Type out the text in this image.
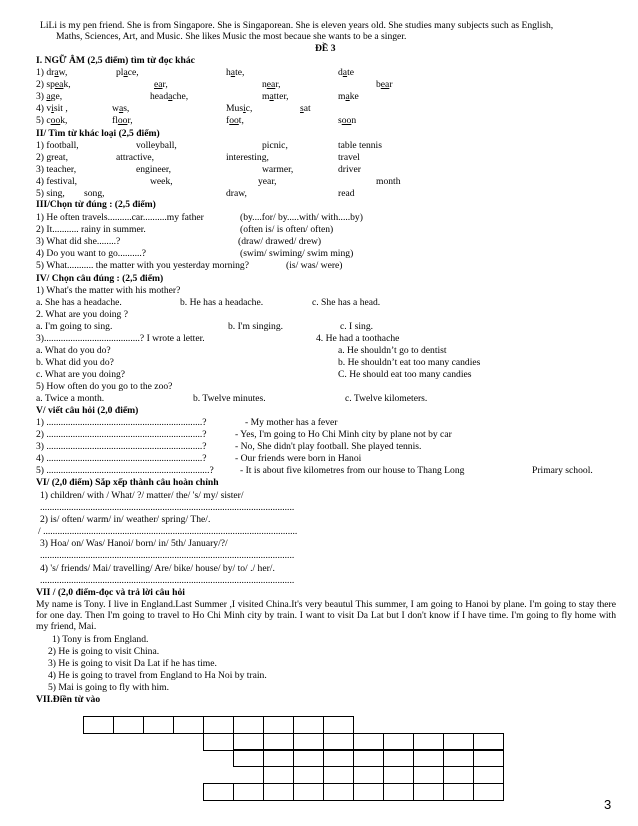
LiLi is my pen friend. She is from Singapore. She is Singaporean. She is eleven years old. She studies many subjects such as English,
Maths, Sciences, Art, and Music. She likes Music the most becaue she wants to be a singer.
ĐỀ 3
I. NGỮ ÂM (2,5 điểm) tìm từ đọc khác
1) draw,	place,	hate,	date
2) speak,	ear,	near,	bear
3) age,	headache,	matter,	make
4) visit ,	was,	Music,	sat
5) cook,	floor,	foot,	soon
II/ Tìm từ khác loại (2,5 điểm)
1) football,	volleyball,	picnic,	table tennis
2) great,	attractive,	interesting,	travel
3) teacher,	engineer,	warmer,	driver
4) festival,	week,	year,	month
5) sing, song,	draw,	read
III/Chọn từ đúng : (2,5 điểm)
1) He often travels..........car..........my father	(by....for/ by.....with/ with.....by)
2) It........... rainy in summer.	(often is/ is often/ often)
3) What did she........?	(draw/ drawed/ drew)
4) Do you want to go..........?	(swim/ swiming/ swim ming)
5) What........... the matter with you yesterday morning?	(is/ was/ were)
IV/ Chọn câu đúng : (2,5 điểm)
1) What's the matter with his mother?
a. She has a headache.	b. He has a headache.	c. She has a head.
2. What are you doing ?
a. I'm going to sing.	b. I'm singing.	c. I sing.
3)........................................? I wrote a letter.	4. He had a toothache
a. What do you do?	a. He shouldn’t go to dentist
b. What did you do?	b. He shouldn’t eat too many candies
c. What are you doing?	C. He should eat too many candies
5) How often do you go to the zoo?
a. Twice a month.	b. Twelve minutes.	c. Twelve kilometers.
V/ viết câu hỏi (2,0 điểm)
1) .................................................................?	- My mother has a fever
2) .................................................................?	- Yes, I'm going to Ho Chi Minh city by plane not by car
3) .................................................................?	- No, She didn't play football. She played tennis.
4) .................................................................?	- Our friends were born in Hanoi
5) ....................................................................?	- It is about five kilometres from our house to Thang Long	Primary school.
VI/ (2,0 điểm) Sắp xếp thành câu hoàn chỉnh
1) children/ with / What/ ?/ matter/ the/ 's/ my/ sister/
..........................................................................................................
2) is/ often/ warm/ in/ weather/ spring/ The/.
/ ..........................................................................................................
3) Hoa/ on/ Was/ Hanoi/ born/ in/ 5th/ January/?/
..........................................................................................................
4) 's/ friends/ Mai/ travelling/ Are/ bike/ house/ by/ to/ ./ her/.
..........................................................................................................
VII / (2,0 điểm-đọc và trả lời câu hỏi
My name is Tony. I live in England.Last Summer ,I visited China.It's very beautul This summer, I am going to Hanoi by plane. I'm going to stay there for one day. Then I'm going to travel to Ho Chi Minh city by train. I want to visit Da Lat but I don't know if I have time. I'm going to fly home with my friend, Mai.
1) Tony is from England.
2) He is going to visit China.
3) He is going to visit Da Lat if he has time.
4) He is going to travel from England to Ha Noi by train.
5) Mai is going to fly with him.
VII.Điền từ vào
3
